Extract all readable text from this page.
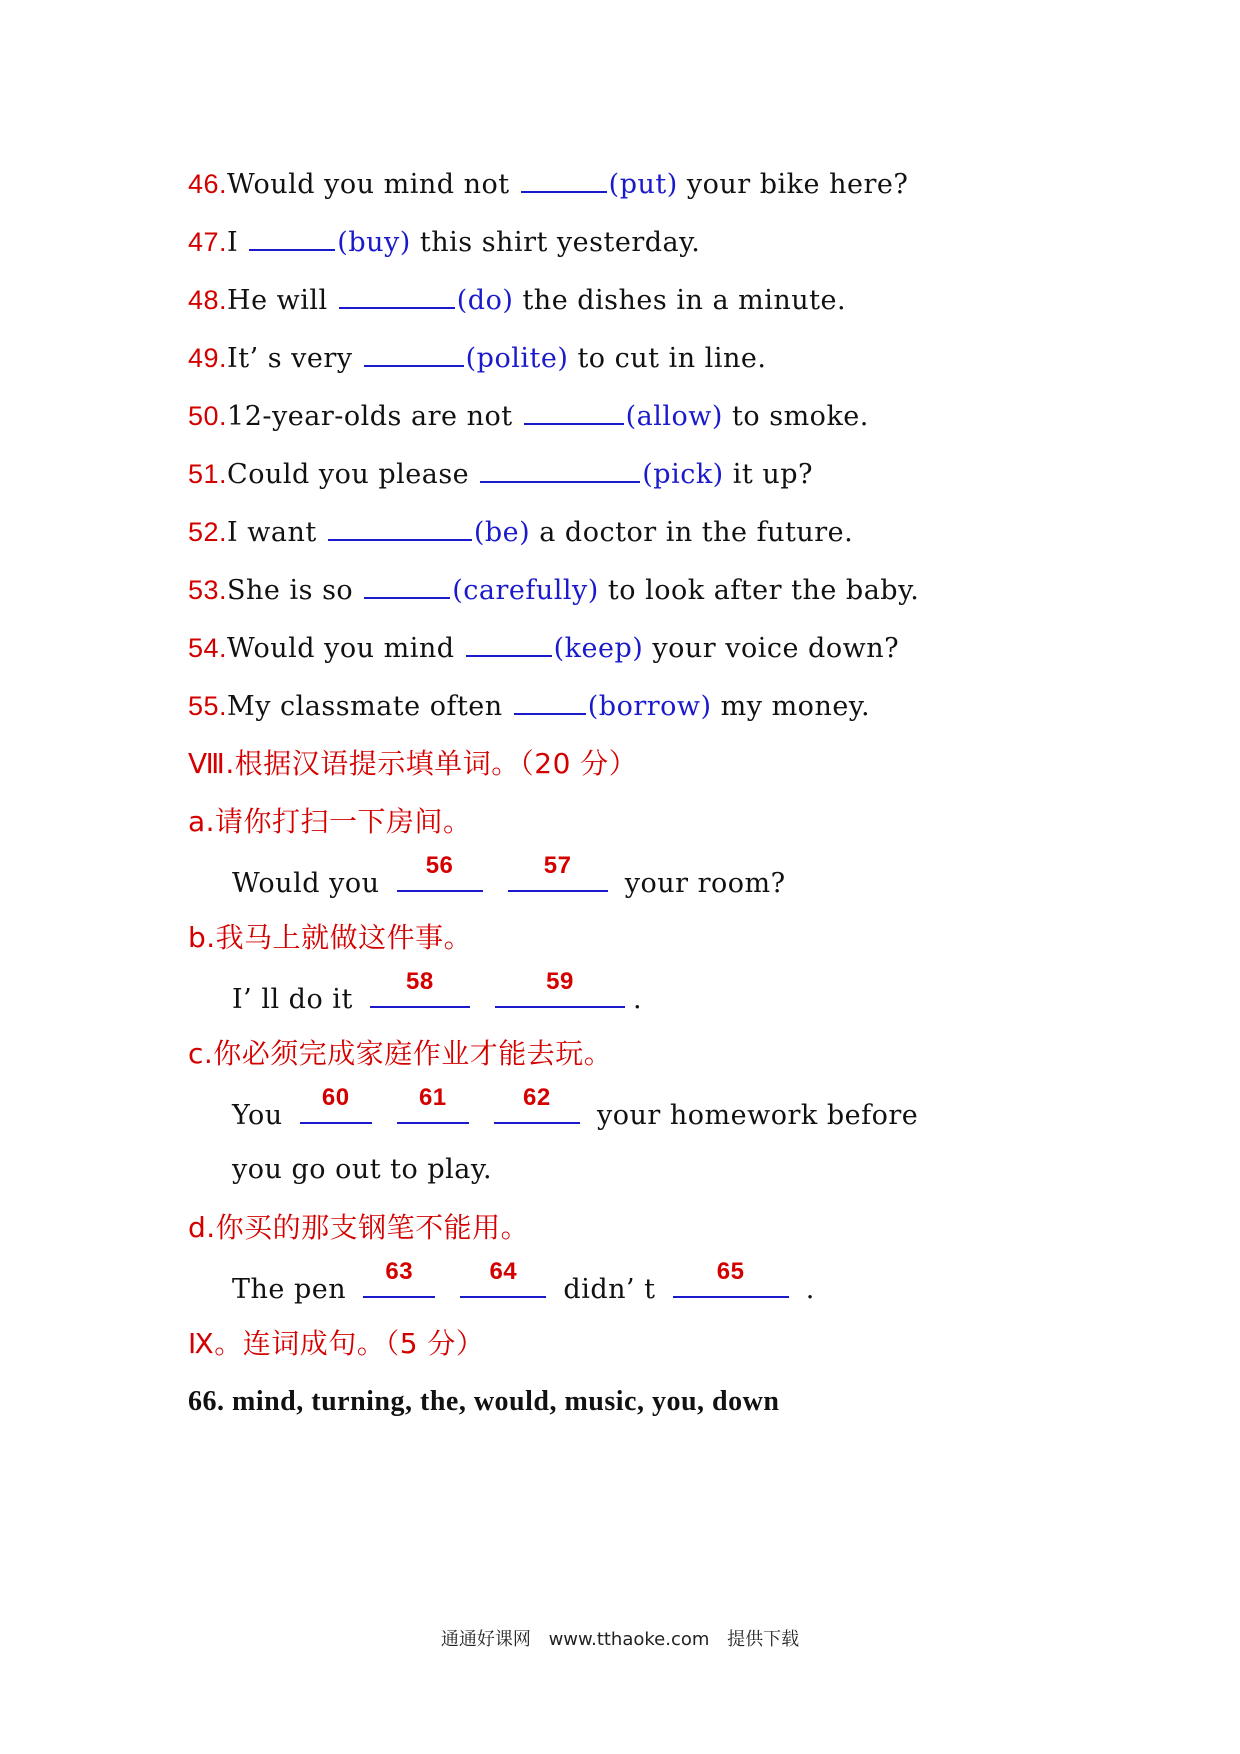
46.Would you mind not	(put) your bike here?
47.I	(buy) this shirt yesterday.
48.He will	(do) the dishes in a minute.
49.It’ s very	(polite) to cut in line.
50.12-year-olds are not	(allow) to smoke.
51.Could you please	(pick) it up?
52.I want	(be) a doctor in the future.
53.She is so	(carefully) to look after the baby.
54.Would you mind	(keep) your voice down?
55.My classmate often	(borrow) my money.
Ⅷ.根据汉语提示填单词。（20 分）
a.请你打扫一下房间。
Would you
56
	57
your room?
b.我马上就做这件事。
I’ ll do it
58
	59
.
c.你必须完成家庭作业才能去玩。
You
60
	61
	62
your homework before
you go out to play.
d.你买的那支钢笔不能用。
The pen
63
	64
didn’ t
65
.
Ⅸ。连词成句。（5 分）
66. mind, turning, the, would, music, you, down
通通好课网 www.tthaoke.com 提供下载
